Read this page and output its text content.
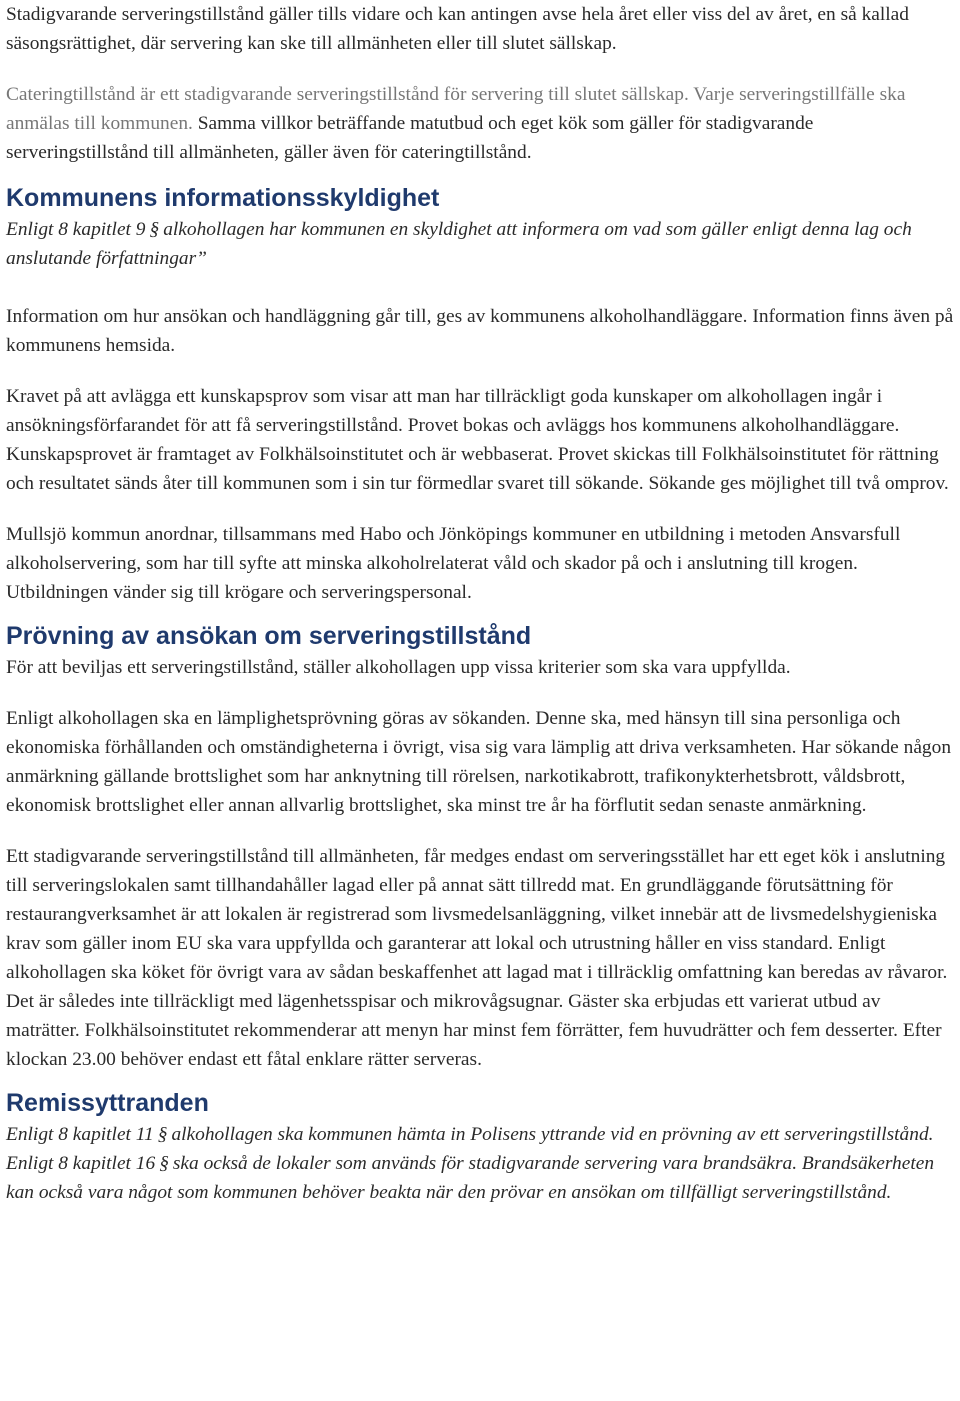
Stadigvarande serveringstillstånd gäller tills vidare och kan antingen avse hela året eller viss del av året, en så kallad säsongsrättighet, där servering kan ske till allmänheten eller till slutet sällskap.

Cateringtillstånd är ett stadigvarande serveringstillstånd för servering till slutet sällskap. Varje serveringstillfälle ska anmälas till kommunen. Samma villkor beträffande matutbud och eget kök som gäller för stadigvarande serveringstillstånd till allmänheten, gäller även för cateringtillstånd.

Kommunens informationsskyldighet

Enligt 8 kapitlet 9 § alkohollagen har kommunen en skyldighet att informera om vad som gäller enligt denna lag och anslutande författningar”

Information om hur ansökan och handläggning går till, ges av kommunens alkoholhandläggare. Information finns även på kommunens hemsida.

Kravet på att avlägga ett kunskapsprov som visar att man har tillräckligt goda kunskaper om alkohollagen ingår i ansökningsförfarandet för att få serveringstillstånd. Provet bokas och avläggs hos kommunens alkoholhandläggare. Kunskapsprovet är framtaget av Folkhälsoinstitutet och är webbaserat. Provet skickas till Folkhälsoinstitutet för rättning och resultatet sänds åter till kommunen som i sin tur förmedlar svaret till sökande. Sökande ges möjlighet till två omprov.

Mullsjö kommun anordnar, tillsammans med Habo och Jönköpings kommuner en utbildning i metoden Ansvarsfull alkoholservering, som har till syfte att minska alkoholrelaterat våld och skador på och i anslutning till krogen. Utbildningen vänder sig till krögare och serveringspersonal.

Prövning av ansökan om serveringstillstånd

För att beviljas ett serveringstillstånd, ställer alkohollagen upp vissa kriterier som ska vara uppfyllda.

Enligt alkohollagen ska en lämplighetsprövning göras av sökanden. Denne ska, med hänsyn till sina personliga och ekonomiska förhållanden och omständigheterna i övrigt, visa sig vara lämplig att driva verksamheten. Har sökande någon anmärkning gällande brottslighet som har anknytning till rörelsen, narkotikabrott, trafikonykterhetsbrott, våldsbrott, ekonomisk brottslighet eller annan allvarlig brottslighet, ska minst tre år ha förflutit sedan senaste anmärkning.

Ett stadigvarande serveringstillstånd till allmänheten, får medges endast om serveringsstället har ett eget kök i anslutning till serveringslokalen samt tillhandahåller lagad eller på annat sätt tillredd mat. En grundläggande förutsättning för restaurangverksamhet är att lokalen är registrerad som livsmedelsanläggning, vilket innebär att de livsmedelshygieniska krav som gäller inom EU ska vara uppfyllda och garanterar att lokal och utrustning håller en viss standard. Enligt alkohollagen ska köket för övrigt vara av sådan beskaffenhet att lagad mat i tillräcklig omfattning kan beredas av råvaror. Det är således inte tillräckligt med lägenhetsspisar och mikrovågsugnar. Gäster ska erbjudas ett varierat utbud av maträtter. Folkhälsoinstitutet rekommenderar att menyn har minst fem förrätter, fem huvudrätter och fem desserter. Efter klockan 23.00 behöver endast ett fåtal enklare rätter serveras.

Remissyttranden

Enligt 8 kapitlet 11 § alkohollagen ska kommunen hämta in Polisens yttrande vid en prövning av ett serveringstillstånd. Enligt 8 kapitlet 16 § ska också de lokaler som används för stadigvarande servering vara brandsäkra. Brandsäkerheten kan också vara något som kommunen behöver beakta när den prövar en ansökan om tillfälligt serveringstillstånd.
